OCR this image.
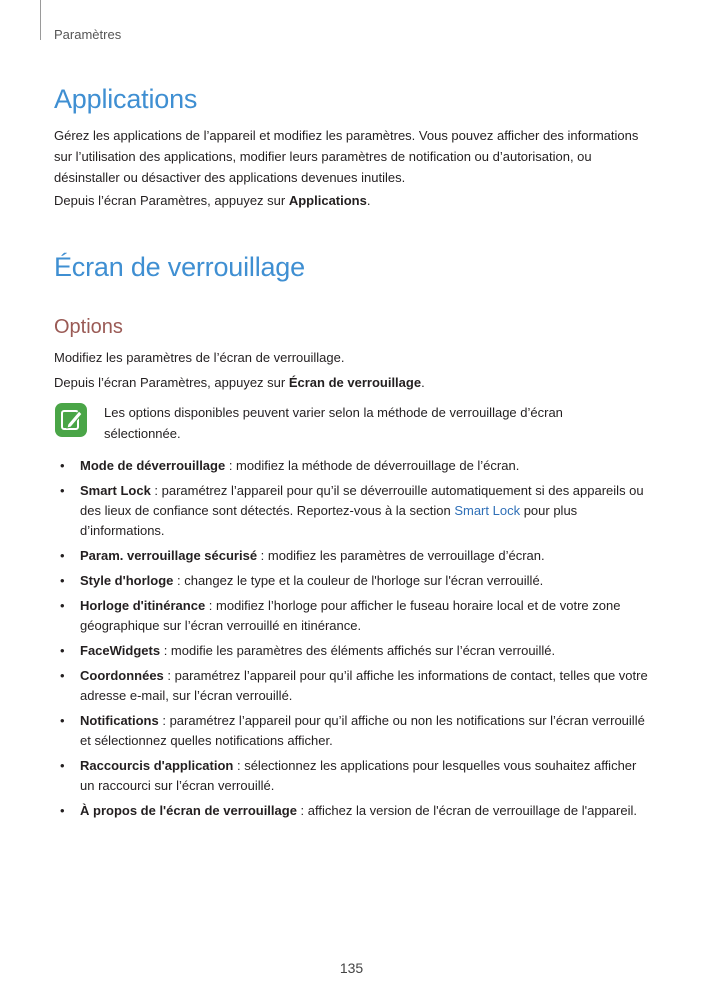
Paramètres
Applications

Gérez les applications de l’appareil et modifiez les paramètres. Vous pouvez afficher des informations sur l’utilisation des applications, modifier leurs paramètres de notification ou d’autorisation, ou désinstaller ou désactiver des applications devenues inutiles.

Depuis l’écran Paramètres, appuyez sur Applications.

Écran de verrouillage
Options

Modifiez les paramètres de l’écran de verrouillage.

Depuis l’écran Paramètres, appuyez sur Écran de verrouillage.

Les options disponibles peuvent varier selon la méthode de verrouillage d’écran sélectionnée.
• Mode de déverrouillage : modifiez la méthode de déverrouillage de l’écran.
• Smart Lock : paramétrez l’appareil pour qu’il se déverrouille automatiquement si des appareils ou des lieux de confiance sont détectés. Reportez-vous à la section Smart Lock pour plus d’informations.
• Param. verrouillage sécurisé : modifiez les paramètres de verrouillage d’écran.
• Style d'horloge : changez le type et la couleur de l'horloge sur l'écran verrouillé.
• Horloge d'itinérance : modifiez l’horloge pour afficher le fuseau horaire local et de votre zone géographique sur l’écran verrouillé en itinérance.
• FaceWidgets : modifie les paramètres des éléments affichés sur l’écran verrouillé.
• Coordonnées : paramétrez l’appareil pour qu’il affiche les informations de contact, telles que votre adresse e-mail, sur l’écran verrouillé.
• Notifications : paramétrez l’appareil pour qu’il affiche ou non les notifications sur l’écran verrouillé et sélectionnez quelles notifications afficher.
• Raccourcis d'application : sélectionnez les applications pour lesquelles vous souhaitez afficher un raccourci sur l’écran verrouillé.
• À propos de l'écran de verrouillage : affichez la version de l'écran de verrouillage de l'appareil.
135
